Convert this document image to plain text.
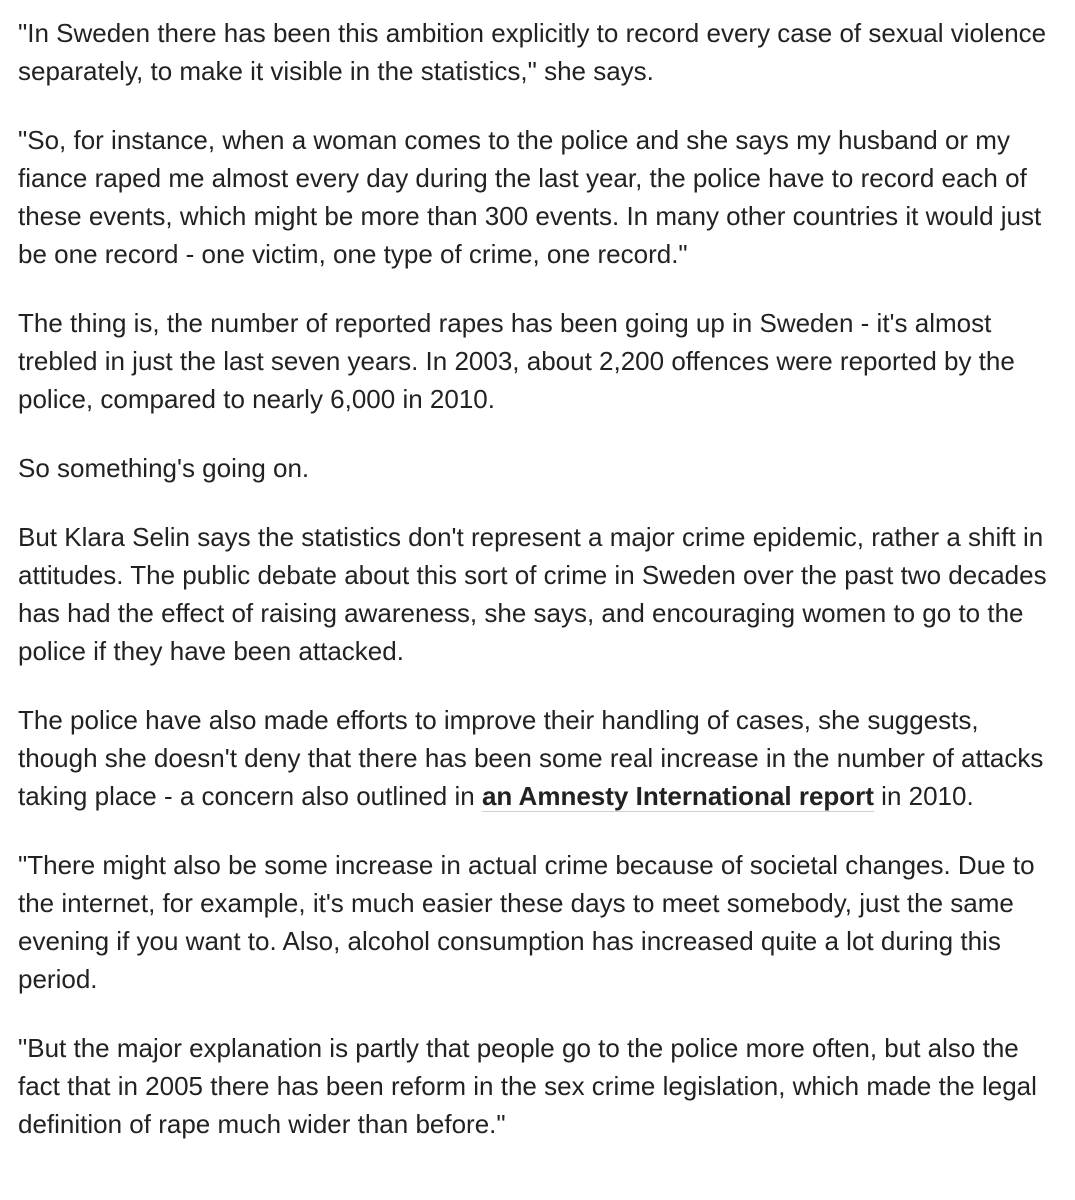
"In Sweden there has been this ambition explicitly to record every case of sexual violence separately, to make it visible in the statistics," she says.

"So, for instance, when a woman comes to the police and she says my husband or my fiance raped me almost every day during the last year, the police have to record each of these events, which might be more than 300 events. In many other countries it would just be one record - one victim, one type of crime, one record."

The thing is, the number of reported rapes has been going up in Sweden - it's almost trebled in just the last seven years. In 2003, about 2,200 offences were reported by the police, compared to nearly 6,000 in 2010.

So something's going on.

But Klara Selin says the statistics don't represent a major crime epidemic, rather a shift in attitudes. The public debate about this sort of crime in Sweden over the past two decades has had the effect of raising awareness, she says, and encouraging women to go to the police if they have been attacked.

The police have also made efforts to improve their handling of cases, she suggests, though she doesn't deny that there has been some real increase in the number of attacks taking place - a concern also outlined in an Amnesty International report in 2010.

"There might also be some increase in actual crime because of societal changes. Due to the internet, for example, it's much easier these days to meet somebody, just the same evening if you want to. Also, alcohol consumption has increased quite a lot during this period.

"But the major explanation is partly that people go to the police more often, but also the fact that in 2005 there has been reform in the sex crime legislation, which made the legal definition of rape much wider than before."
